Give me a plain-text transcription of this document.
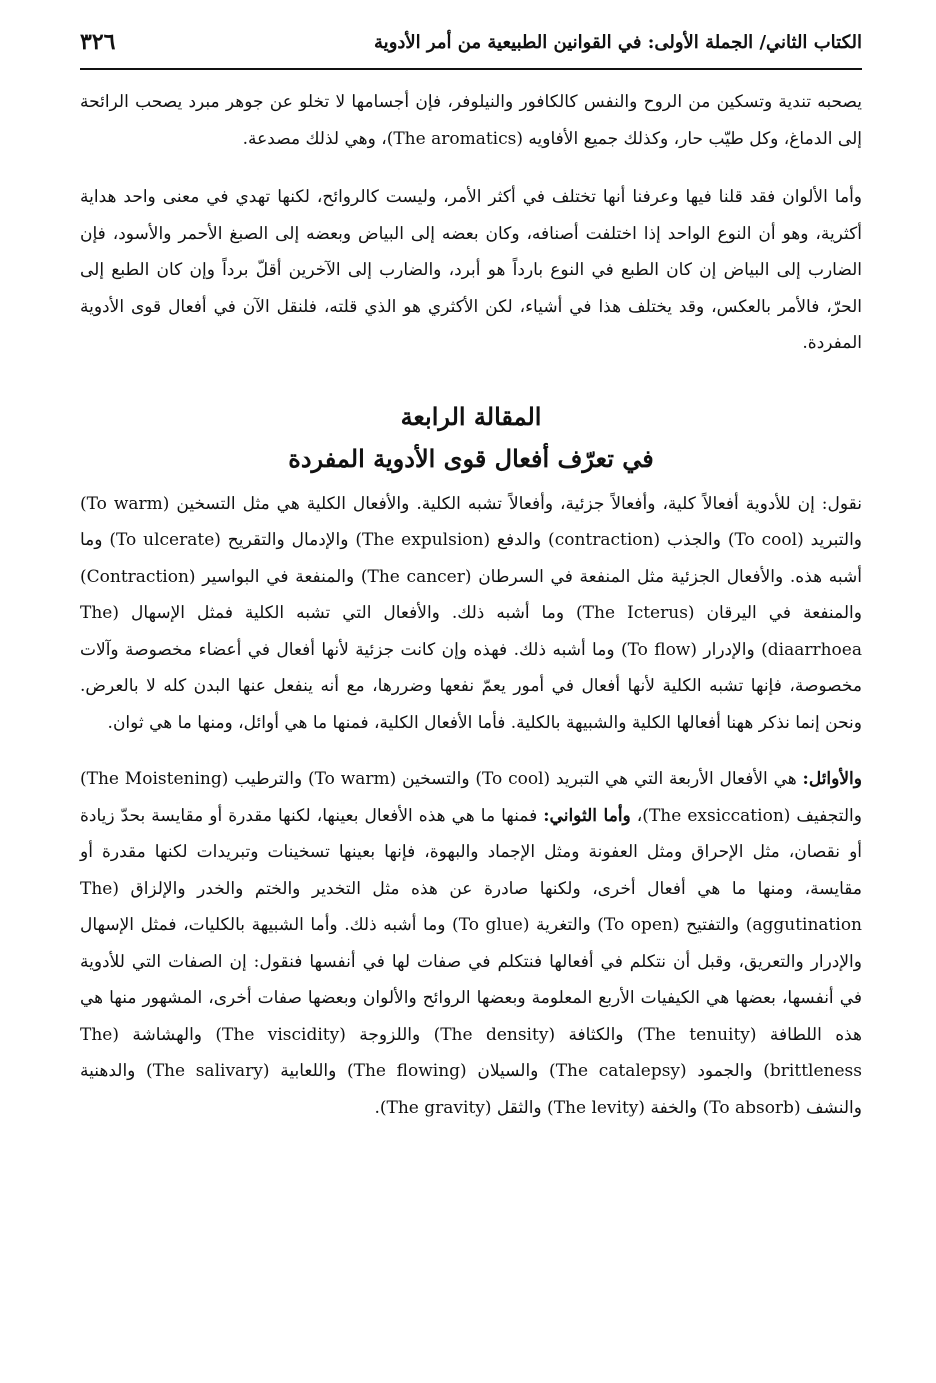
الكتاب الثاني/ الجملة الأولى: في القوانين الطبيعية من أمر الأدوية
٣٢٦

يصحبه تندية وتسكين من الروح والنفس كالكافور والنيلوفر، فإن أجسامها لا تخلو عن جوهر مبرد يصحب الرائحة إلى الدماغ، وكل طيّب حار، وكذلك جميع الأفاويه (The aromatics)، وهي لذلك مصدعة.

وأما الألوان فقد قلنا فيها وعرفنا أنها تختلف في أكثر الأمر، وليست كالروائح، لكنها تهدي في معنى واحد هداية أكثرية، وهو أن النوع الواحد إذا اختلفت أصنافه، وكان بعضه إلى البياض وبعضه إلى الصبغ الأحمر والأسود، فإن الضارب إلى البياض إن كان الطبع في النوع بارداً هو أبرد، والضارب إلى الآخرين أقلّ برداً وإن كان الطبع إلى الحرّ، فالأمر بالعكس، وقد يختلف هذا في أشياء، لكن الأكثري هو الذي قلته، فلنقل الآن في أفعال قوى الأدوية المفردة.

المقالة الرابعة
في تعرّف أفعال قوى الأدوية المفردة

نقول: إن للأدوية أفعالاً كلية، وأفعالاً جزئية، وأفعالاً تشبه الكلية. والأفعال الكلية هي مثل التسخين (To warm) والتبريد (To cool) والجذب (contraction) والدفع (The expulsion) والإدمال والتقريح (To ulcerate) وما أشبه هذه. والأفعال الجزئية مثل المنفعة في السرطان (The cancer) والمنفعة في البواسير (Contraction) والمنفعة في اليرقان (The Icterus) وما أشبه ذلك. والأفعال التي تشبه الكلية فمثل الإسهال (The diaarrhoea) والإدرار (To flow) وما أشبه ذلك. فهذه وإن كانت جزئية لأنها أفعال في أعضاء مخصوصة وآلات مخصوصة، فإنها تشبه الكلية لأنها أفعال في أمور يعمّ نفعها وضررها، مع أنه ينفعل عنها البدن كله لا بالعرض. ونحن إنما نذكر ههنا أفعالها الكلية والشبيهة بالكلية. فأما الأفعال الكلية، فمنها ما هي أوائل، ومنها ما هي ثوان.

والأوائل: هي الأفعال الأربعة التي هي التبريد (To cool) والتسخين (To warm) والترطيب (The Moistening) والتجفيف (The exsiccation)، وأما الثواني: فمنها ما هي هذه الأفعال بعينها، لكنها مقدرة أو مقايسة بحدّ زيادة أو نقصان، مثل الإحراق ومثل العفونة ومثل الإجماد والبهوة، فإنها بعينها تسخينات وتبريدات لكنها مقدرة أو مقايسة، ومنها ما هي أفعال أخرى، ولكنها صادرة عن هذه مثل التخدير والختم والخدر والإلزاق (The aggutination) والتفتيح (To open) والتغرية (To glue) وما أشبه ذلك. وأما الشبيهة بالكليات، فمثل الإسهال والإدرار والتعريق، وقبل أن نتكلم في أفعالها فنتكلم في صفات لها في أنفسها فنقول: إن الصفات التي للأدوية في أنفسها، بعضها هي الكيفيات الأربع المعلومة وبعضها الروائح والألوان وبعضها صفات أخرى، المشهور منها هي هذه اللطافة (The tenuity) والكثافة (The density) واللزوجة (The viscidity) والهشاشة (The brittleness) والجمود (The catalepsy) والسيلان (The flowing) واللعابية (The salivary) والدهنية والنشف (To absorb) والخفة (The levity) والثقل (The gravity).
